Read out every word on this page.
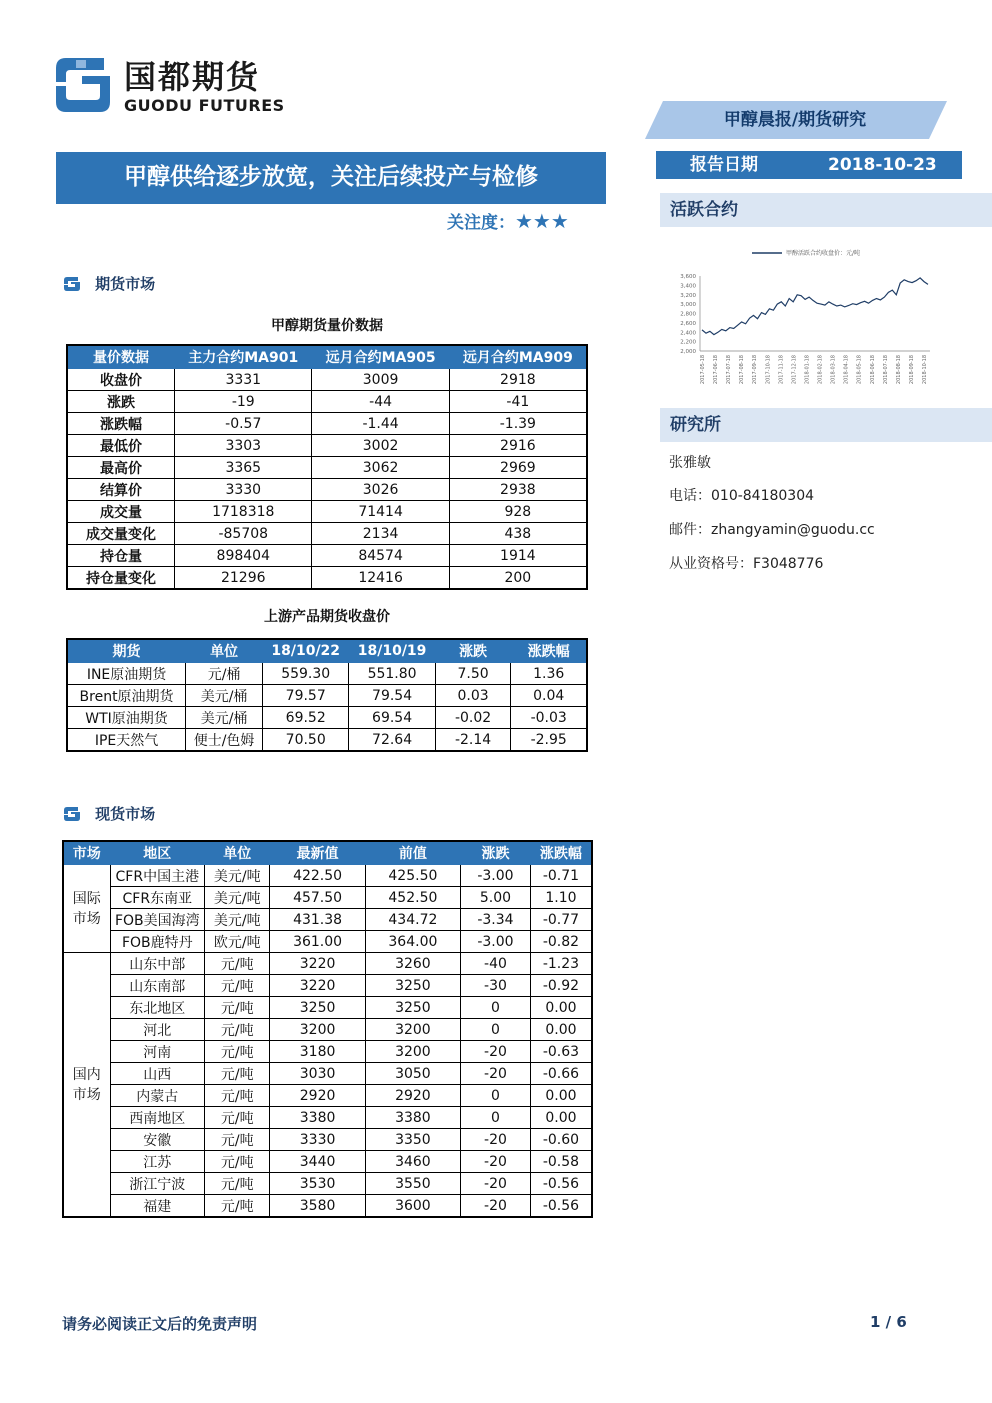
国都期货
GUODU FUTURES
甲醇晨报/期货研究
甲醇供给逐步放宽，关注后续投产与检修
关注度：★★★
报告日期	2018-10-23
活跃合约
甲醇活跃合约收盘价：元/吨
3,600
3,400
3,200
3,000
2,800
2,600
2,400
2,200
2,000
2017-05-18 2017-06-18 2017-07-18 2017-08-18 2017-09-18 2017-10-18 2017-11-18 2017-12-18 2018-01-18 2018-02-18 2018-03-18 2018-04-18 2018-05-18 2018-06-18 2018-07-18 2018-08-18 2018-09-18 2018-10-18
研究所
张雅敏
电话：010-84180304
邮件：zhangyamin@guodu.cc
从业资格号：F3048776
期货市场
甲醇期货量价数据
量价数据	主力合约MA901	远月合约MA905	远月合约MA909
收盘价	3331	3009	2918
涨跌	-19	-44	-41
涨跌幅	-0.57	-1.44	-1.39
最低价	3303	3002	2916
最高价	3365	3062	2969
结算价	3330	3026	2938
成交量	1718318	71414	928
成交量变化	-85708	2134	438
持仓量	898404	84574	1914
持仓量变化	21296	12416	200
上游产品期货收盘价
期货	单位	18/10/22	18/10/19	涨跌	涨跌幅
INE原油期货	元/桶	559.30	551.80	7.50	1.36
Brent原油期货	美元/桶	79.57	79.54	0.03	0.04
WTI原油期货	美元/桶	69.52	69.54	-0.02	-0.03
IPE天然气	便士/色姆	70.50	72.64	-2.14	-2.95
现货市场
市场	地区	单位	最新值	前值	涨跌	涨跌幅
国际市场	CFR中国主港	美元/吨	422.50	425.50	-3.00	-0.71
	CFR东南亚	美元/吨	457.50	452.50	5.00	1.10
	FOB美国海湾	美元/吨	431.38	434.72	-3.34	-0.77
	FOB鹿特丹	欧元/吨	361.00	364.00	-3.00	-0.82
国内市场	山东中部	元/吨	3220	3260	-40	-1.23
	山东南部	元/吨	3220	3250	-30	-0.92
	东北地区	元/吨	3250	3250	0	0.00
	河北	元/吨	3200	3200	0	0.00
	河南	元/吨	3180	3200	-20	-0.63
	山西	元/吨	3030	3050	-20	-0.66
	内蒙古	元/吨	2920	2920	0	0.00
	西南地区	元/吨	3380	3380	0	0.00
	安徽	元/吨	3330	3350	-20	-0.60
	江苏	元/吨	3440	3460	-20	-0.58
	浙江宁波	元/吨	3530	3550	-20	-0.56
	福建	元/吨	3580	3600	-20	-0.56
请务必阅读正文后的免责声明	1 / 6
